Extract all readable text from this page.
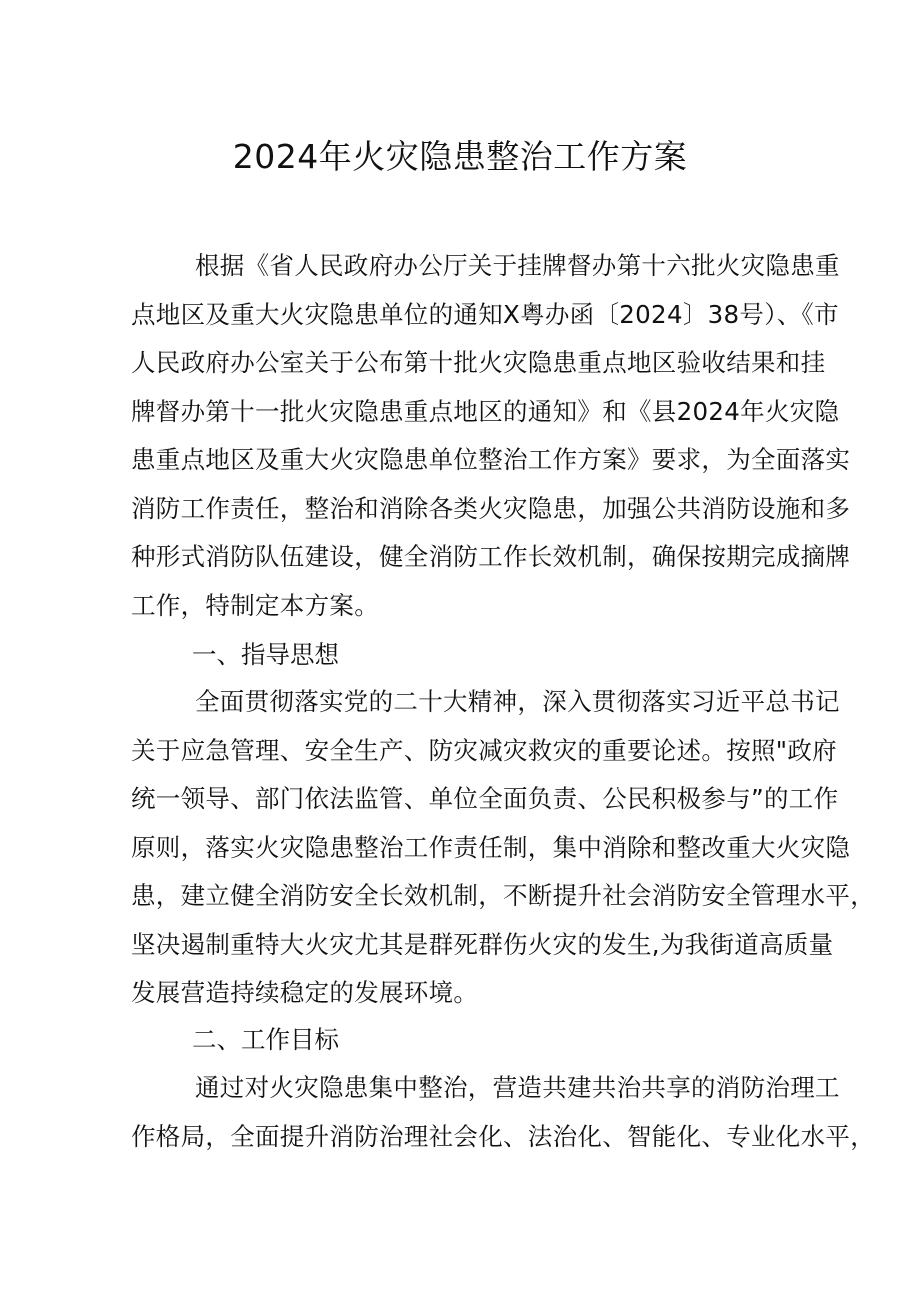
2024年火灾隐患整治工作方案
根据《省人民政府办公厅关于挂牌督办第十六批火灾隐患重
点地区及重大火灾隐患单位的通知X粤办函〔2024〕38号）、《市
人民政府办公室关于公布第十批火灾隐患重点地区验收结果和挂
牌督办第十一批火灾隐患重点地区的通知》和《县2024年火灾隐
患重点地区及重大火灾隐患单位整治工作方案》要求，为全面落实
消防工作责任，整治和消除各类火灾隐患，加强公共消防设施和多
种形式消防队伍建设，健全消防工作长效机制，确保按期完成摘牌
工作，特制定本方案。
一、指导思想
全面贯彻落实党的二十大精神，深入贯彻落实习近平总书记
关于应急管理、安全生产、防灾减灾救灾的重要论述。按照"政府
统一领导、部门依法监管、单位全面负责、公民积极参与”的工作
原则，落实火灾隐患整治工作责任制，集中消除和整改重大火灾隐
患，建立健全消防安全长效机制，不断提升社会消防安全管理水平，
坚决遏制重特大火灾尤其是群死群伤火灾的发生,为我街道高质量
发展营造持续稳定的发展环境。
二、工作目标
通过对火灾隐患集中整治，营造共建共治共享的消防治理工
作格局，全面提升消防治理社会化、法治化、智能化、专业化水平，
